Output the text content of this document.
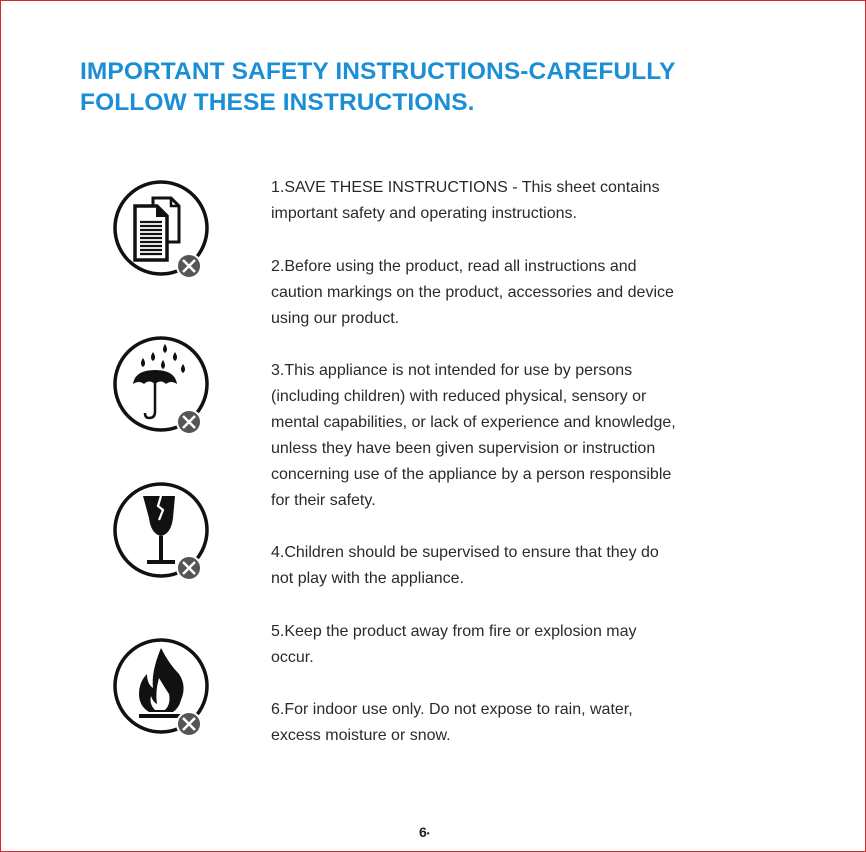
IMPORTANT SAFETY INSTRUCTIONS-CAREFULLY
FOLLOW THESE INSTRUCTIONS.

1.SAVE THESE INSTRUCTIONS - This sheet contains
important safety and operating instructions.

2.Before using the product, read all instructions and
caution markings on the product, accessories and device
using our product.

3.This appliance is not intended for use by persons
(including children) with reduced physical, sensory or
mental capabilities, or lack of experience and knowledge,
unless they have been given supervision or instruction
concerning use of the appliance by a person responsible
for their safety.

4.Children should be supervised to ensure that they do
not play with the appliance.

5.Keep the product away from fire or explosion may
occur.

6.For indoor use only. Do not expose to rain, water,
excess moisture or snow.

6•
